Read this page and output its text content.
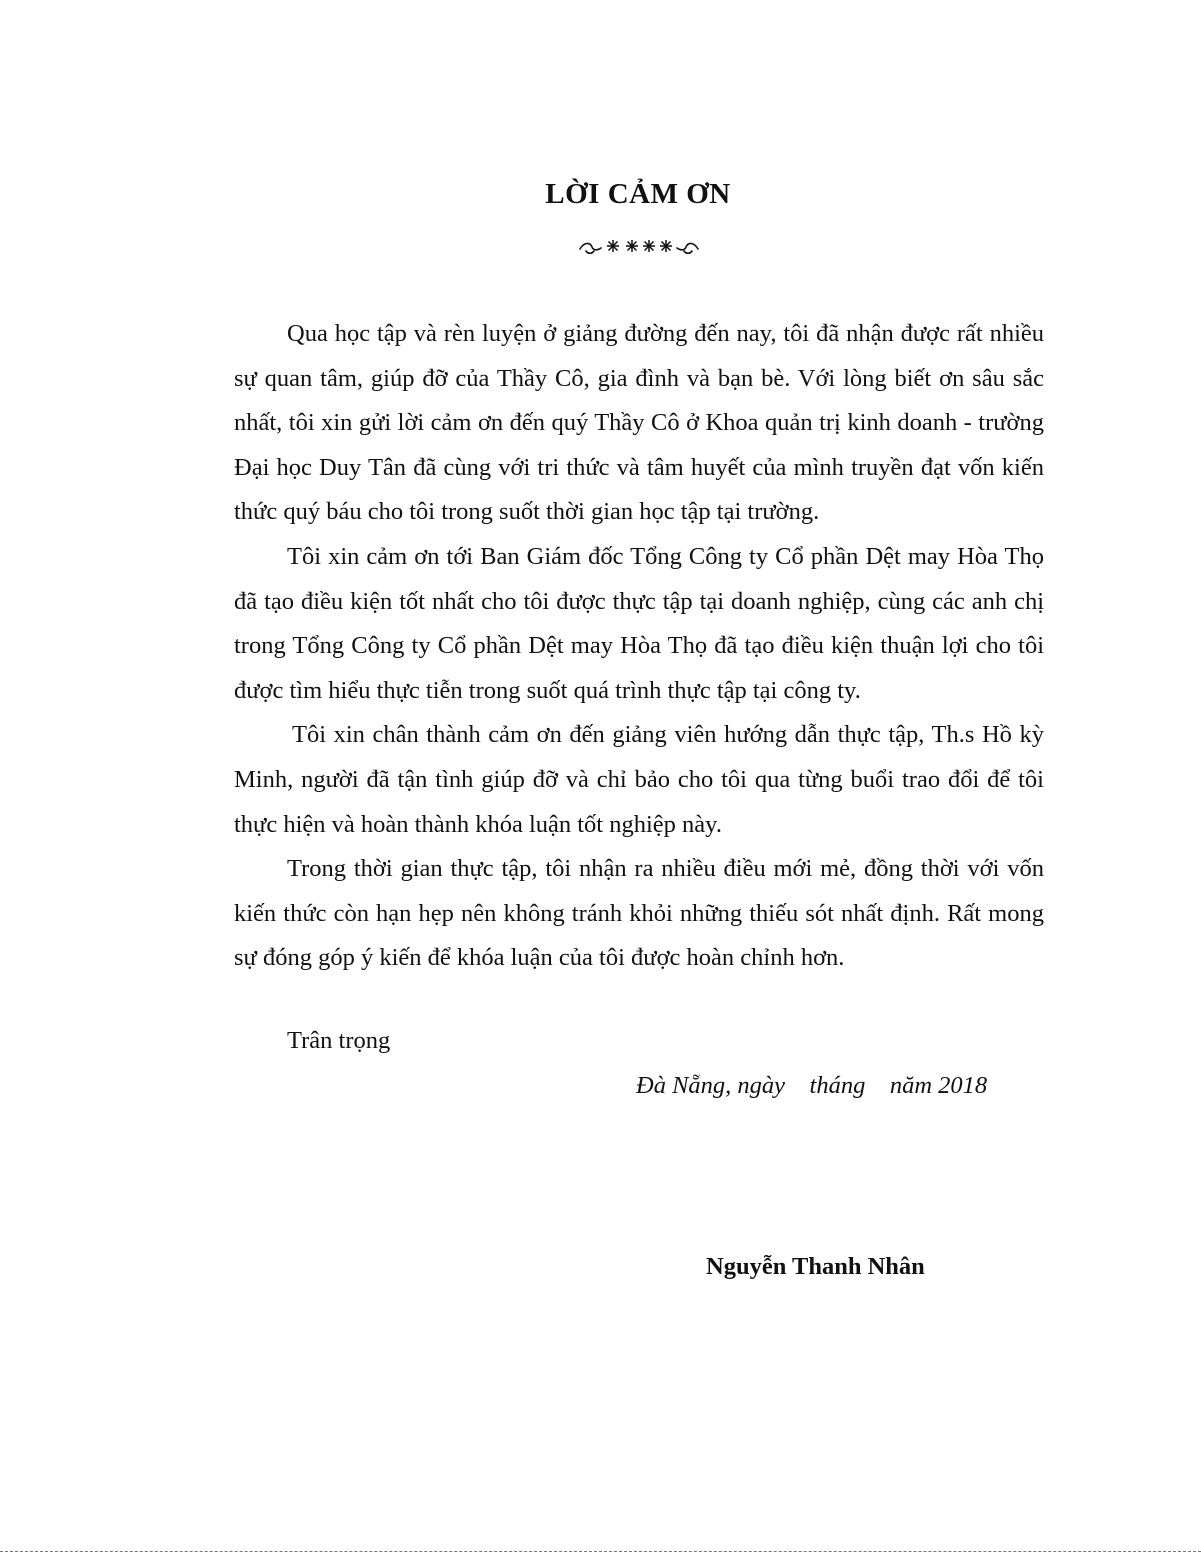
LỜI CẢM ƠN

Qua học tập và rèn luyện ở giảng đường đến nay, tôi đã nhận được rất nhiều sự quan tâm, giúp đỡ của Thầy Cô, gia đình và bạn bè. Với lòng biết ơn sâu sắc nhất, tôi xin gửi lời cảm ơn đến quý Thầy Cô ở Khoa quản trị kinh doanh - trường Đại học Duy Tân đã cùng với tri thức và tâm huyết của mình truyền đạt vốn kiến thức quý báu cho tôi trong suốt thời gian học tập tại trường.

Tôi xin cảm ơn tới Ban Giám đốc Tổng Công ty Cổ phần Dệt may Hòa Thọ đã tạo điều kiện tốt nhất cho tôi được thực tập tại doanh nghiệp, cùng các anh chị trong Tổng Công ty Cổ phần Dệt may Hòa Thọ đã tạo điều kiện thuận lợi cho tôi được tìm hiểu thực tiễn trong suốt quá trình thực tập tại công ty.

Tôi xin chân thành cảm ơn đến giảng viên hướng dẫn thực tập, Th.s Hồ kỳ Minh, người đã tận tình giúp đỡ và chỉ bảo cho tôi qua từng buổi trao đổi để tôi thực hiện và hoàn thành khóa luận tốt nghiệp này.

Trong thời gian thực tập, tôi nhận ra nhiều điều mới mẻ, đồng thời với vốn kiến thức còn hạn hẹp nên không tránh khỏi những thiếu sót nhất định. Rất mong sự đóng góp ý kiến để khóa luận của tôi được hoàn chỉnh hơn.

Trân trọng
Đà Nẵng, ngày    tháng    năm 2018
Nguyễn Thanh Nhân
